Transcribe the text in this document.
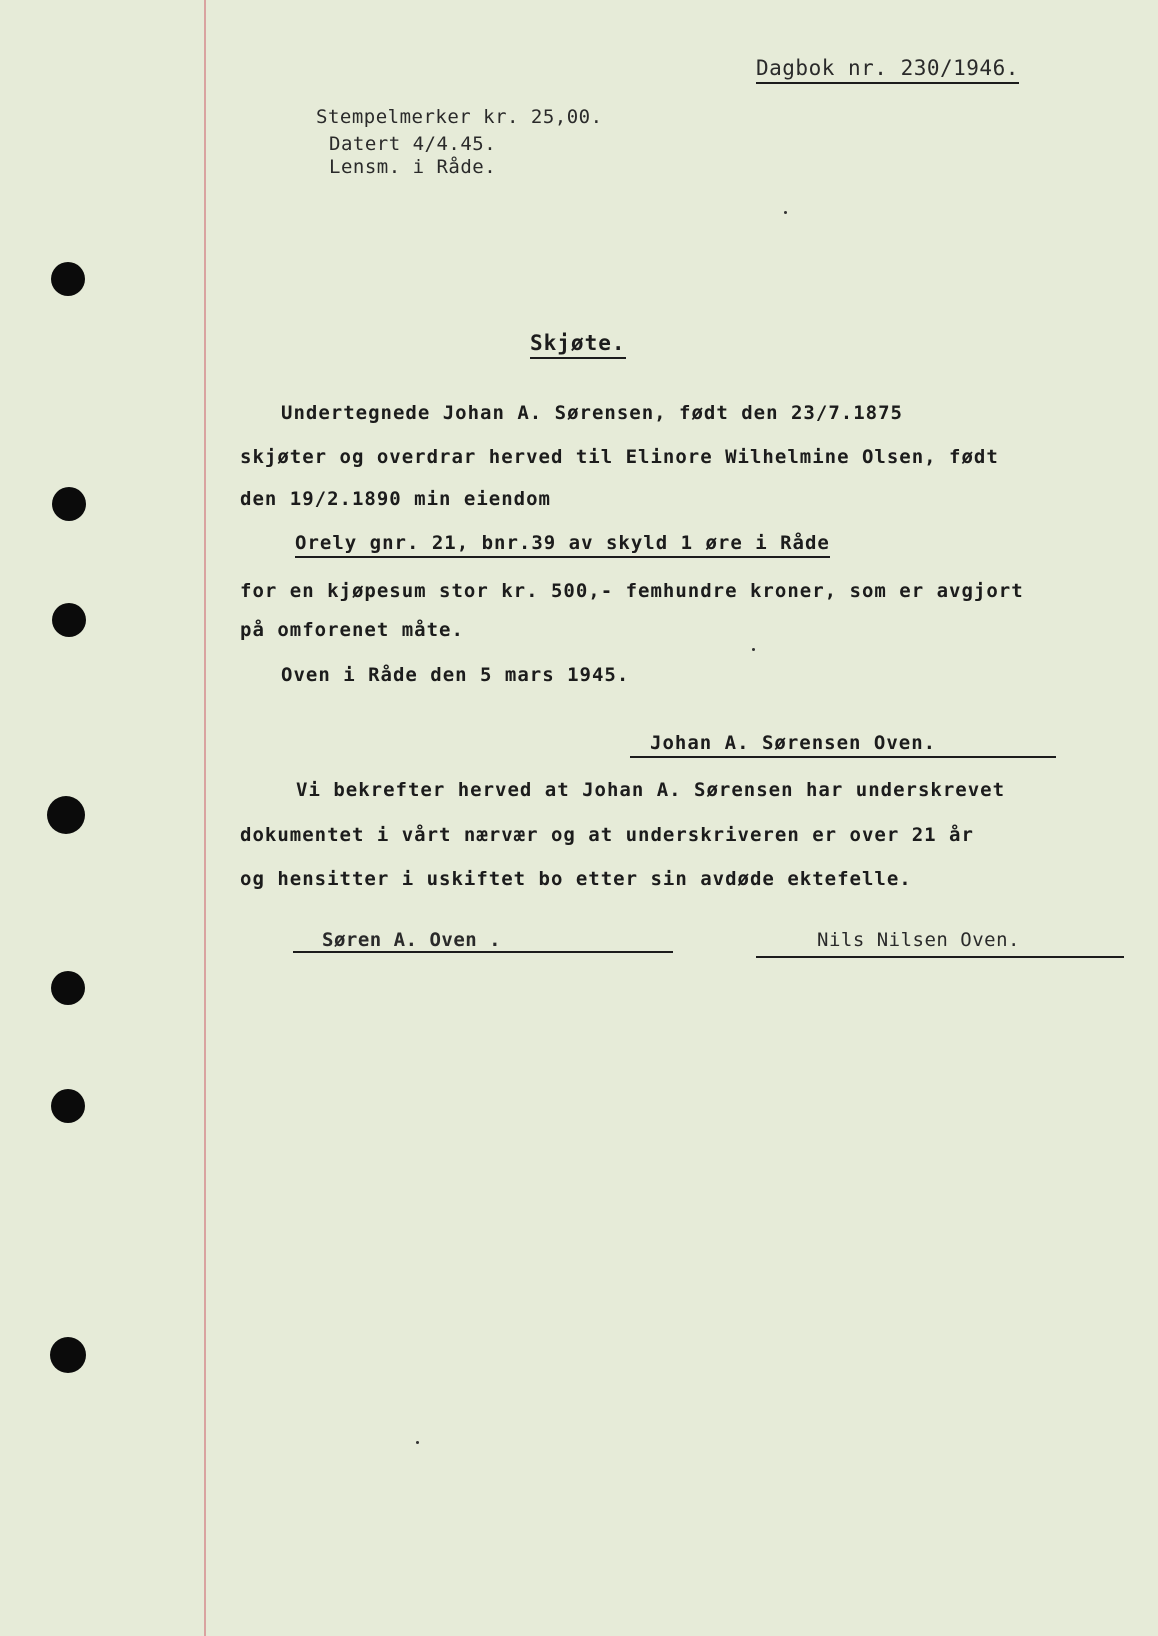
Dagbok nr. 230/1946.
Stempelmerker kr. 25,00.
Datert 4/4.45.
Lensm. i Råde.
Skjøte.
Undertegnede Johan A. Sørensen, født den 23/7.1875
skjøter og overdrar herved til Elinore Wilhelmine Olsen, født
den 19/2.1890 min eiendom
Orely gnr. 21, bnr.39 av skyld 1 øre i Råde
for en kjøpesum stor kr. 500,- femhundre kroner, som er avgjort
på omforenet måte.
Oven i Råde den 5 mars 1945.
Johan A. Sørensen Oven.
Vi bekrefter herved at Johan A. Sørensen har underskrevet
dokumentet i vårt nærvær og at underskriveren er over 21 år
og hensitter i uskiftet bo etter sin avdøde ektefelle.
Søren A. Oven .	Nils Nilsen Oven.
